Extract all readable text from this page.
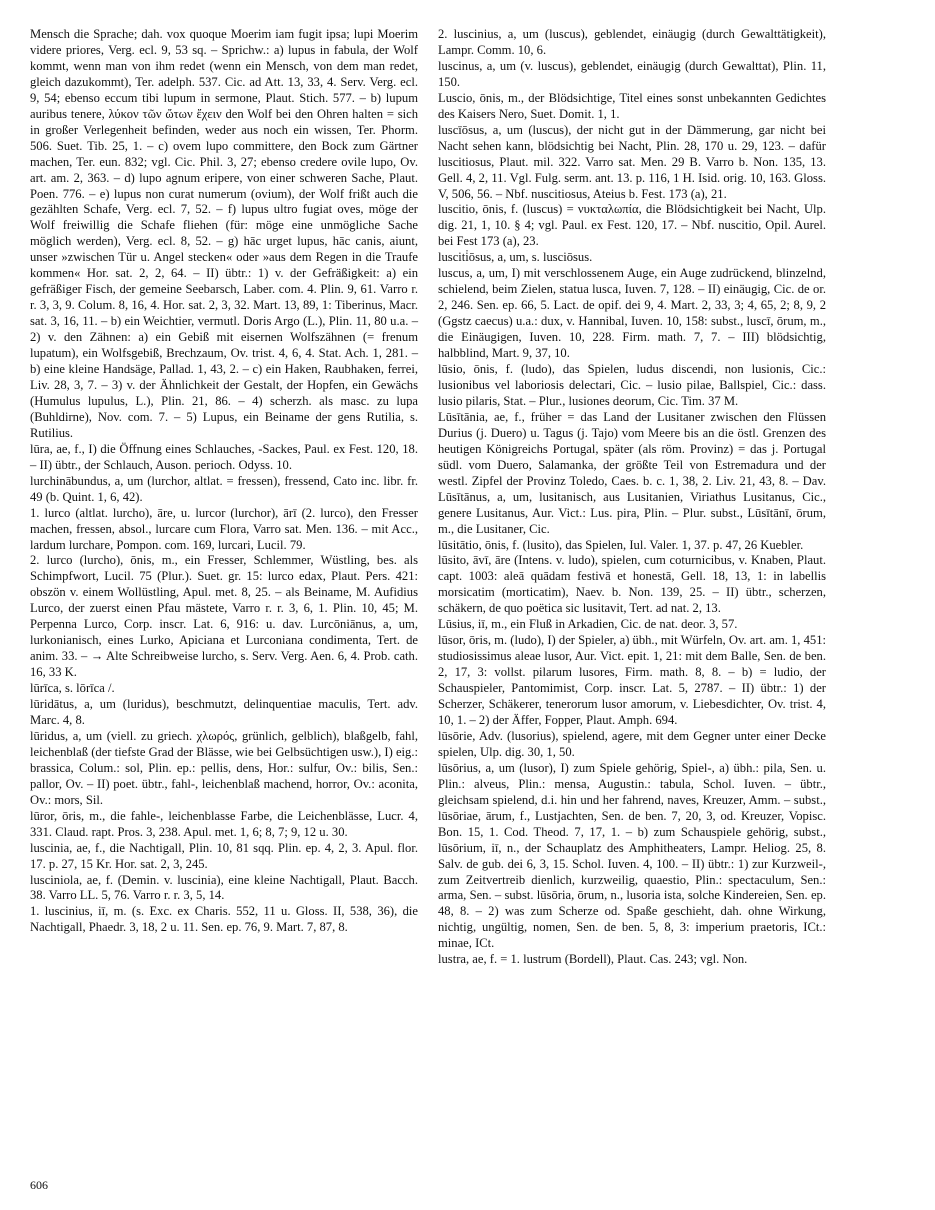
Mensch die Sprache; dah. vox quoque Moerim iam fugit ipsa; lupi Moerim videre priores, Verg. ecl. 9, 53 sq. – Sprichw.: a) lupus in fabula, der Wolf kommt, wenn man von ihm redet (wenn ein Mensch, von dem man redet, gleich dazukommt), Ter. adelph. 537. Cic. ad Att. 13, 33, 4. Serv. Verg. ecl. 9, 54; ebenso eccum tibi lupum in sermone, Plaut. Stich. 577. – b) lupum auribus tenere, λύκον τῶν ὤτων ἔχειν den Wolf bei den Ohren halten = sich in großer Verlegenheit befinden, weder aus noch ein wissen, Ter. Phorm. 506. Suet. Tib. 25, 1. – c) ovem lupo committere, den Bock zum Gärtner machen, Ter. eun. 832; vgl. Cic. Phil. 3, 27; ebenso credere ovile lupo, Ov. art. am. 2, 363. – d) lupo agnum eripere, von einer schweren Sache, Plaut. Poen. 776. – e) lupus non curat numerum (ovium), der Wolf frißt auch die gezählten Schafe, Verg. ecl. 7, 52. – f) lupus ultro fugiat oves, möge der Wolf freiwillig die Schafe fliehen (für: möge eine unmögliche Sache möglich werden), Verg. ecl. 8, 52. – g) hāc urget lupus, hāc canis, aiunt, unser »zwischen Tür u. Angel stecken« oder »aus dem Regen in die Traufe kommen« Hor. sat. 2, 2, 64. – II) übtr.: 1) v. der Gefräßigkeit: a) ein gefräßiger Fisch, der gemeine Seebarsch, Laber. com. 4. Plin. 9, 61. Varro r. r. 3, 3, 9. Colum. 8, 16, 4. Hor. sat. 2, 3, 32. Mart. 13, 89, 1: Tiberinus, Macr. sat. 3, 16, 11. – b) ein Weichtier, vermutl. Doris Argo (L.), Plin. 11, 80 u.a. – 2) v. den Zähnen: a) ein Gebiß mit eisernen Wolfszähnen (= frenum lupatum), ein Wolfsgebiß, Brechzaum, Ov. trist. 4, 6, 4. Stat. Ach. 1, 281. – b) eine kleine Handsäge, Pallad. 1, 43, 2. – c) ein Haken, Raubhaken, ferrei, Liv. 28, 3, 7. – 3) v. der Ähnlichkeit der Gestalt, der Hopfen, ein Gewächs (Humulus lupulus, L.), Plin. 21, 86. – 4) scherzh. als masc. zu lupa (Buhldirne), Nov. com. 7. – 5) Lupus, ein Beiname der gens Rutilia, s. Rutilius.

lūra, ae, f., I) die Öffnung eines Schlauches, -Sackes, Paul. ex Fest. 120, 18. – II) übtr., der Schlauch, Auson. perioch. Odyss. 10.

lurchinābundus, a, um (lurchor, altlat. = fressen), fressend, Cato inc. libr. fr. 49 (b. Quint. 1, 6, 42).

1. lurco (altlat. lurcho), āre, u. lurcor (lurchor), ārī (2. lurco), den Fresser machen, fressen, absol., lurcare cum Flora, Varro sat. Men. 136. – mit Acc., lardum lurchare, Pompon. com. 169, lurcari, Lucil. 79.

2. lurco (lurcho), ōnis, m., ein Fresser, Schlemmer, Wüstling, bes. als Schimpfwort, Lucil. 75 (Plur.). Suet. gr. 15: lurco edax, Plaut. Pers. 421: obszön v. einem Wollüstling, Apul. met. 8, 25. – als Beiname, M. Aufidius Lurco, der zuerst einen Pfau mästete, Varro r. r. 3, 6, 1. Plin. 10, 45; M. Perpenna Lurco, Corp. inscr. Lat. 6, 916: u. dav. Lurcōniānus, a, um, lurkonianisch, eines Lurko, Apiciana et Lurconiana condimenta, Tert. de anim. 33. – → Alte Schreibweise lurcho, s. Serv. Verg. Aen. 6, 4. Prob. cath. 16, 33 K.

lūrīca, s. lōrīca /.

lūridātus, a, um (luridus), beschmutzt, delinquentiae maculis, Tert. adv. Marc. 4, 8.

lūridus, a, um (viell. zu griech. χλωρός, grünlich, gelblich), blaßgelb, fahl, leichenblaß (der tiefste Grad der Blässe, wie bei Gelbsüchtigen usw.), I) eig.: brassica, Colum.: sol, Plin. ep.: pellis, dens, Hor.: sulfur, Ov.: bilis, Sen.: pallor, Ov. – II) poet. übtr., fahl-, leichenblaß machend, horror, Ov.: aconita, Ov.: mors, Sil.

lūror, ōris, m., die fahle-, leichenblasse Farbe, die Leichenblässe, Lucr. 4, 331. Claud. rapt. Pros. 3, 238. Apul. met. 1, 6; 8, 7; 9, 12 u. 30.

luscinia, ae, f., die Nachtigall, Plin. 10, 81 sqq. Plin. ep. 4, 2, 3. Apul. flor. 17. p. 27, 15 Kr. Hor. sat. 2, 3, 245.

lusciniola, ae, f. (Demin. v. luscinia), eine kleine Nachtigall, Plaut. Bacch. 38. Varro LL. 5, 76. Varro r. r. 3, 5, 14.

1. luscinius, iī, m. (s. Exc. ex Charis. 552, 11 u. Gloss. II, 538, 36), die Nachtigall, Phaedr. 3, 18, 2 u. 11. Sen. ep. 76, 9. Mart. 7, 87, 8.

2. luscinius, a, um (luscus), geblendet, einäugig (durch Gewalttätigkeit), Lampr. Comm. 10, 6.

luscinus, a, um (v. luscus), geblendet, einäugig (durch Gewalttat), Plin. 11, 150.

Luscio, ōnis, m., der Blödsichtige, Titel eines sonst unbekannten Gedichtes des Kaisers Nero, Suet. Domit. 1, 1.

luscīōsus, a, um (luscus), der nicht gut in der Dämmerung, gar nicht bei Nacht sehen kann, blödsichtig bei Nacht, Plin. 28, 170 u. 29, 123. – dafür luscitiosus, Plaut. mil. 322. Varro sat. Men. 29 B. Varro b. Non. 135, 13. Gell. 4, 2, 11. Vgl. Fulg. serm. ant. 13. p. 116, 1 H. Isid. orig. 10, 163. Gloss. V, 506, 56. – Nbf. nuscitiosus, Ateius b. Fest. 173 (a), 21.

luscitio, ōnis, f. (luscus) = νυκταλωπία, die Blödsichtigkeit bei Nacht, Ulp. dig. 21, 1, 10. § 4; vgl. Paul. ex Fest. 120, 17. – Nbf. nuscitio, Opil. Aurel. bei Fest 173 (a), 23.

lusciti̇ōsus, a, um, s. lusciōsus.

luscus, a, um, I) mit verschlossenem Auge, ein Auge zudrückend, blinzelnd, schielend, beim Zielen, statua lusca, Iuven. 7, 128. – II) einäugig, Cic. de or. 2, 246. Sen. ep. 66, 5. Lact. de opif. dei 9, 4. Mart. 2, 33, 3; 4, 65, 2; 8, 9, 2 (Ggstz caecus) u.a.: dux, v. Hannibal, Iuven. 10, 158: subst., luscī, ōrum, m., die Einäugigen, Iuven. 10, 228. Firm. math. 7, 7. – III) blödsichtig, halbblind, Mart. 9, 37, 10.

lūsio, ōnis, f. (ludo), das Spielen, ludus discendi, non lusionis, Cic.: lusionibus vel laboriosis delectari, Cic. – lusio pilae, Ballspiel, Cic.: dass. lusio pilaris, Stat. – Plur., lusiones deorum, Cic. Tim. 37 M.

Lūsītānia, ae, f., früher = das Land der Lusitaner zwischen den Flüssen Durius (j. Duero) u. Tagus (j. Tajo) vom Meere bis an die östl. Grenzen des heutigen Königreichs Portugal, später (als röm. Provinz) = das j. Portugal südl. vom Duero, Salamanka, der größte Teil von Estremadura und der westl. Zipfel der Provinz Toledo, Caes. b. c. 1, 38, 2. Liv. 21, 43, 8. – Dav. Lūsītānus, a, um, lusitanisch, aus Lusitanien, Viriathus Lusitanus, Cic., genere Lusitanus, Aur. Vict.: Lus. pira, Plin. – Plur. subst., Lūsītānī, ōrum, m., die Lusitaner, Cic.

lūsitātio, ōnis, f. (lusito), das Spielen, Iul. Valer. 1, 37. p. 47, 26 Kuebler.

lūsito, āvī, āre (Intens. v. ludo), spielen, cum coturnicibus, v. Knaben, Plaut. capt. 1003: aleā quādam festivā et honestā, Gell. 18, 13, 1: in labellis morsicatim (morticatim), Naev. b. Non. 139, 25. – II) übtr., scherzen, schäkern, de quo poëtica sic lusitavit, Tert. ad nat. 2, 13.

Lūsius, iī, m., ein Fluß in Arkadien, Cic. de nat. deor. 3, 57.

lūsor, ōris, m. (ludo), I) der Spieler, a) übh., mit Würfeln, Ov. art. am. 1, 451: studiosissimus aleae lusor, Aur. Vict. epit. 1, 21: mit dem Balle, Sen. de ben. 2, 17, 3: vollst. pilarum lusores, Firm. math. 8, 8. – b) = ludio, der Schauspieler, Pantomimist, Corp. inscr. Lat. 5, 2787. – II) übtr.: 1) der Scherzer, Schäkerer, tenerorum lusor amorum, v. Liebesdichter, Ov. trist. 4, 10, 1. – 2) der Äffer, Fopper, Plaut. Amph. 694.

lūsōrie, Adv. (lusorius), spielend, agere, mit dem Gegner unter einer Decke spielen, Ulp. dig. 30, 1, 50.

lūsōrius, a, um (lusor), I) zum Spiele gehörig, Spiel-, a) übh.: pila, Sen. u. Plin.: alveus, Plin.: mensa, Augustin.: tabula, Schol. Iuven. – übtr., gleichsam spielend, d.i. hin und her fahrend, naves, Kreuzer, Amm. – subst., lūsōriae, ārum, f., Lustjachten, Sen. de ben. 7, 20, 3, od. Kreuzer, Vopisc. Bon. 15, 1. Cod. Theod. 7, 17, 1. – b) zum Schauspiele gehörig, subst., lūsōrium, iī, n., der Schauplatz des Amphitheaters, Lampr. Heliog. 25, 8. Salv. de gub. dei 6, 3, 15. Schol. Iuven. 4, 100. – II) übtr.: 1) zur Kurzweil-, zum Zeitvertreib dienlich, kurzweilig, quaestio, Plin.: spectaculum, Sen.: arma, Sen. – subst. lūsōria, ōrum, n., lusoria ista, solche Kindereien, Sen. ep. 48, 8. – 2) was zum Scherze od. Spaße geschieht, dah. ohne Wirkung, nichtig, ungültig, nomen, Sen. de ben. 5, 8, 3: imperium praetoris, ICt.: minae, ICt.

lustra, ae, f. = 1. lustrum (Bordell), Plaut. Cas. 243; vgl. Non.

606
